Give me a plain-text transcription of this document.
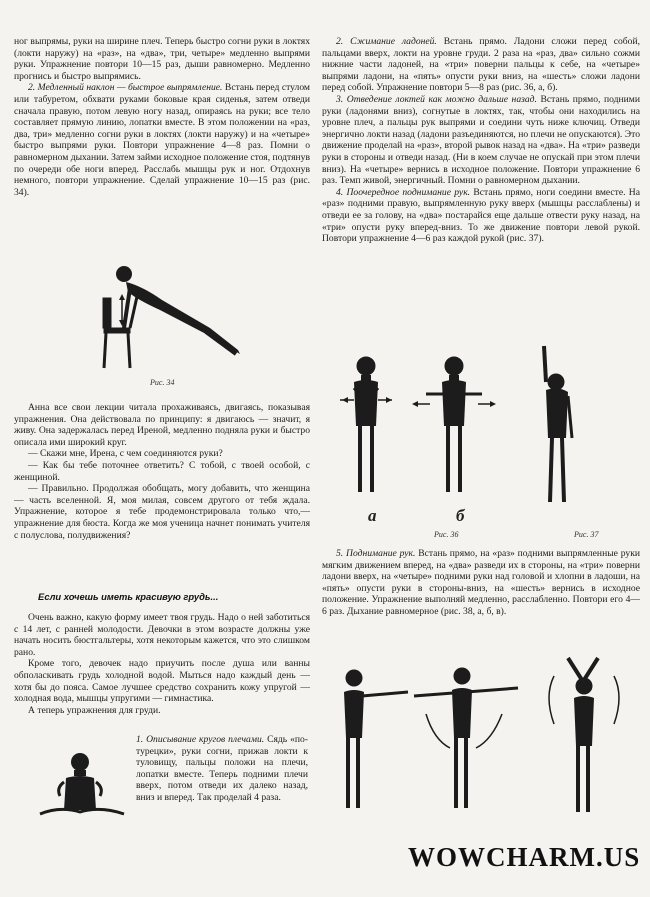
ног выпрямы, руки на ширине плеч. Теперь быстро согни руки в локтях (локти наружу) на «раз», на «два», три, четыре» медленно выпрями руки. Упражнение повтори 10—15 раз, дыши равномерно. Медленно прогнись и быстро выпрямись.

2. Медленный наклон — быстрое выпрямление. Встань перед стулом или табуретом, обхвати руками боковые края сиденья, затем отведи сначала правую, потом левую ногу назад, опираясь на руки; все тело составляет прямую линию, лопатки вместе. В этом положении на «раз, два, три» медленно согни руки в локтях (локти наружу) и на «четыре» быстро выпрями руки. Повтори упражнение 4—8 раз. Помни о равномерном дыхании. Затем займи исходное положение стоя, подтянув по очереди обе ноги вперед. Расслабь мышцы рук и ног. Отдохнув немного, повтори упражнение. Сделай упражнение 10—15 раз (рис. 34).

Рис. 34

Анна все свои лекции читала прохаживаясь, двигаясь, показывая упражнения. Она действовала по принципу: я двигаюсь — значит, я живу. Она задержалась перед Иреной, медленно подняла руки и быстро описала ими широкий круг.

— Скажи мне, Ирена, с чем соединяются руки?

— Как бы тебе поточнее ответить? С тобой, с твоей особой, с женщиной.

— Правильно. Продолжая обобщать, могу добавить, что женщина — часть вселенной. Я, моя милая, совсем другого от тебя ждала. Упражнение, которое я тебе продемонстрировала только что,— упражнение для бюста. Когда же моя ученица начнет понимать учителя с полуслова, полудвижения?

Если хочешь иметь красивую грудь...

Очень важно, какую форму имеет твоя грудь. Надо о ней заботиться с 14 лет, с ранней молодости. Девочки в этом возрасте должны уже начать носить бюстгальтеры, хотя некоторым кажется, что это слишком рано.

Кроме того, девочек надо приучить после душа или ванны обполаскивать грудь холодной водой. Мыться надо каждый день — хотя бы до пояса. Самое лучшее средство сохранить кожу упругой — холодная вода, мышцы упругими — гимнастика.

А теперь упражнения для груди.

1. Описывание кругов плечами. Сядь «по-турецки», руки согни, прижав локти к туловищу, пальцы положи на плечи, лопатки вместе. Теперь подними плечи вверх, потом отведи их далеко назад, вниз и вперед. Так проделай 4 раза.

2. Сжимание ладоней. Встань прямо. Ладони сложи перед собой, пальцами вверх, локти на уровне груди. 2 раза на «раз, два» сильно сожми нижние части ладоней, на «три» поверни пальцы к себе, на «четыре» выпрями ладони, на «пять» опусти руки вниз, на «шесть» сложи ладони перед собой. Упражнение повтори 5—8 раз (рис. 36, а, б).

3. Отведение локтей как можно дальше назад. Встань прямо, подними руки (ладонями вниз), согнутые в локтях, так, чтобы они находились на уровне плеч, а пальцы рук выпрями и соедини чуть ниже ключиц. Отведи энергично локти назад (ладони разъединяются, но плечи не опускаются). Это движение проделай на «раз», второй рывок назад на «два». На «три» разведи руки в стороны и отведи назад. (Ни в коем случае не опускай при этом плечи вниз). На «четыре» вернись в исходное положение. Повтори упражнение 6 раз. Темп живой, энергичный. Помни о равномерном дыхании.

4. Поочередное поднимание рук. Встань прямо, ноги соедини вместе. На «раз» подними правую, выпрямленную руку вверх (мышцы расслаблены) и отведи ее за голову, на «два» постарайся еще дальше отвести руку назад, на «три» опусти руку вперед-вниз. То же движение повтори левой рукой. Повтори упражнение 4—6 раз каждой рукой (рис. 37).

а	б
Рис. 36	Рис. 37

5. Поднимание рук. Встань прямо, на «раз» подними выпрямленные руки мягким движением вперед, на «два» разведи их в стороны, на «три» поверни ладони вверх, на «четыре» подними руки над головой и хлопни в ладоши, на «пять» опусти руки в стороны-вниз, на «шесть» вернись в исходное положение. Упражнение выполняй медленно, расслабленно. Повтори его 4—6 раз. Дыхание равномерное (рис. 38, а, б, в).

WOWCHARM.US
